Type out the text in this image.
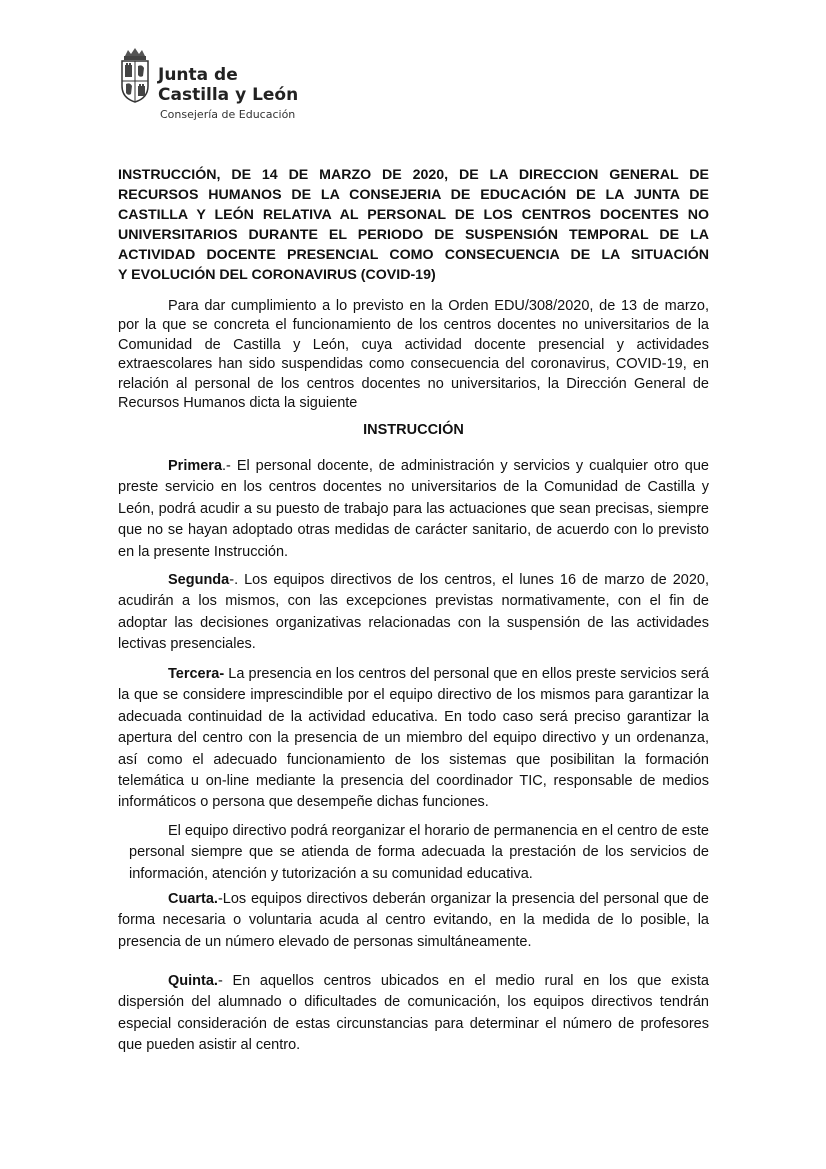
Junta de
Castilla y León
Consejería de Educación
INSTRUCCIÓN, DE 14 DE MARZO DE 2020, DE LA DIRECCION GENERAL DE RECURSOS HUMANOS DE LA CONSEJERIA DE EDUCACIÓN DE LA JUNTA DE CASTILLA Y LEÓN RELATIVA AL PERSONAL DE LOS CENTROS DOCENTES NO UNIVERSITARIOS DURANTE EL PERIODO DE SUSPENSIÓN TEMPORAL DE LA ACTIVIDAD DOCENTE PRESENCIAL COMO CONSECUENCIA DE LA SITUACIÓN
Y EVOLUCIÓN DEL CORONAVIRUS (COVID-19)

Para dar cumplimiento a lo previsto en la Orden EDU/308/2020, de 13 de marzo, por la que se concreta el funcionamiento de los centros docentes no universitarios de la Comunidad de Castilla y León, cuya actividad docente presencial y actividades extraescolares han sido suspendidas como consecuencia del coronavirus, COVID-19, en relación al personal de los centros docentes no universitarios, la Dirección General de Recursos Humanos dicta la siguiente

INSTRUCCIÓN

Primera.- El personal docente, de administración y servicios y cualquier otro que preste servicio en los centros docentes no universitarios de la Comunidad de Castilla y León, podrá acudir a su puesto de trabajo para las actuaciones que sean precisas, siempre que no se hayan adoptado otras medidas de carácter sanitario, de acuerdo con lo previsto en la presente Instrucción.

Segunda-. Los equipos directivos de los centros, el lunes 16 de marzo de 2020, acudirán a los mismos, con las excepciones previstas normativamente, con el fin de adoptar las decisiones organizativas relacionadas con la suspensión de las actividades lectivas presenciales.

Tercera- La presencia en los centros del personal que en ellos preste servicios será la que se considere imprescindible por el equipo directivo de los mismos para garantizar la adecuada continuidad de la actividad educativa. En todo caso será preciso garantizar la apertura del centro con la presencia de un miembro del equipo directivo y un ordenanza, así como el adecuado funcionamiento de los sistemas que posibilitan la formación telemática u on-line mediante la presencia del coordinador TIC, responsable de medios informáticos o persona que desempeñe dichas funciones.

El equipo directivo podrá reorganizar el horario de permanencia en el centro de este personal siempre que se atienda de forma adecuada la prestación de los servicios de información, atención y tutorización a su comunidad educativa.

Cuarta.-Los equipos directivos deberán organizar la presencia del personal que de forma necesaria o voluntaria acuda al centro evitando, en la medida de lo posible, la presencia de un número elevado de personas simultáneamente.

Quinta.- En aquellos centros ubicados en el medio rural en los que exista dispersión del alumnado o dificultades de comunicación, los equipos directivos tendrán especial consideración de estas circunstancias para determinar el número de profesores que pueden asistir al centro.
